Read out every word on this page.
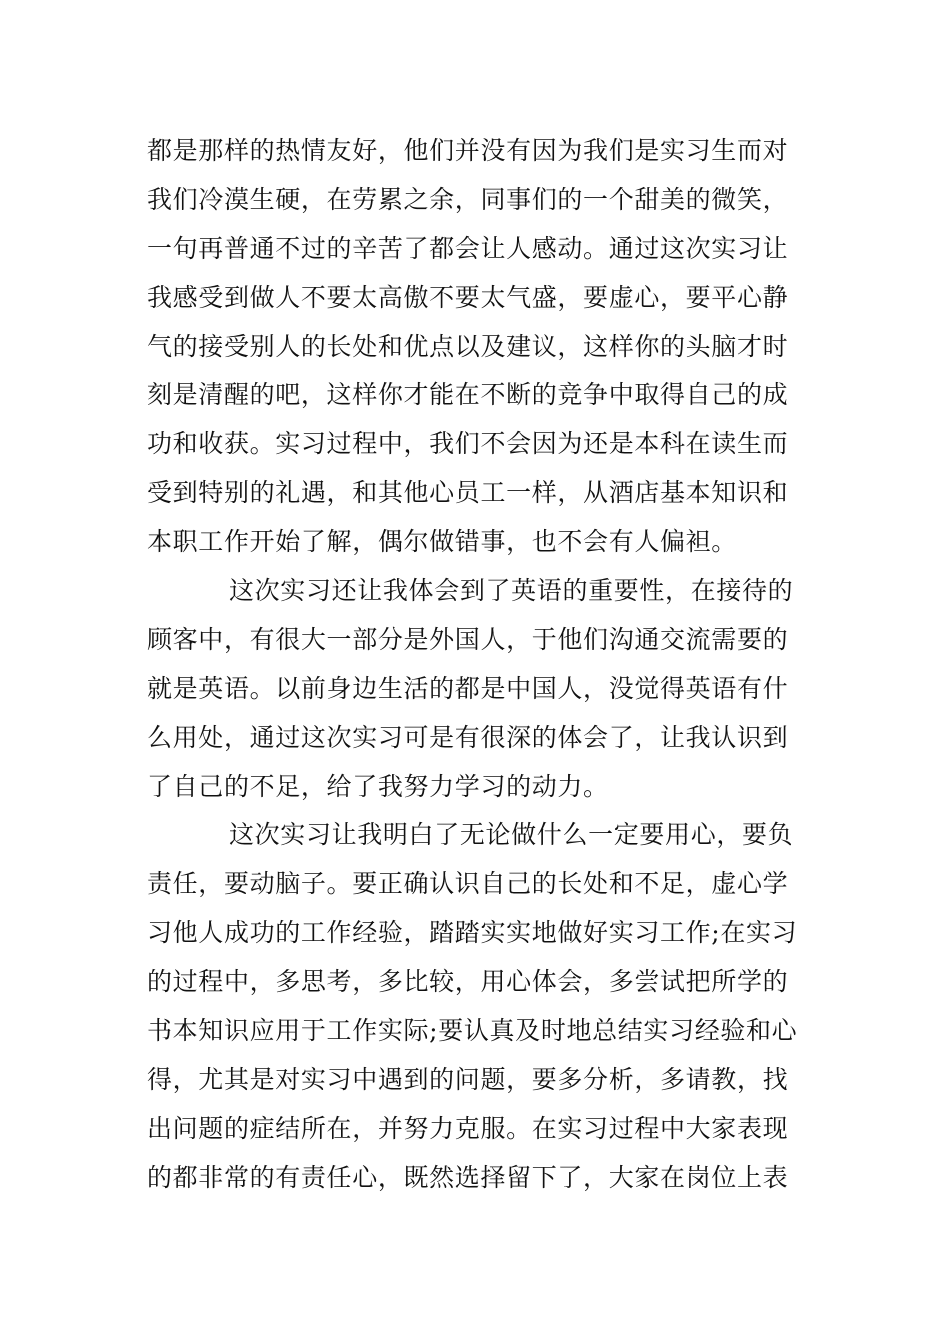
都是那样的热情友好，他们并没有因为我们是实习生而对
我们冷漠生硬，在劳累之余，同事们的一个甜美的微笑，
一句再普通不过的辛苦了都会让人感动。通过这次实习让
我感受到做人不要太高傲不要太气盛，要虚心，要平心静
气的接受别人的长处和优点以及建议，这样你的头脑才时
刻是清醒的吧，这样你才能在不断的竞争中取得自己的成
功和收获。实习过程中，我们不会因为还是本科在读生而
受到特别的礼遇，和其他心员工一样，从酒店基本知识和
本职工作开始了解，偶尔做错事，也不会有人偏袒。
这次实习还让我体会到了英语的重要性，在接待的
顾客中，有很大一部分是外国人，于他们沟通交流需要的
就是英语。以前身边生活的都是中国人，没觉得英语有什
么用处，通过这次实习可是有很深的体会了，让我认识到
了自己的不足，给了我努力学习的动力。
这次实习让我明白了无论做什么一定要用心，要负
责任，要动脑子。要正确认识自己的长处和不足，虚心学
习他人成功的工作经验，踏踏实实地做好实习工作;在实习
的过程中，多思考，多比较，用心体会，多尝试把所学的
书本知识应用于工作实际;要认真及时地总结实习经验和心
得，尤其是对实习中遇到的问题，要多分析，多请教，找
出问题的症结所在，并努力克服。在实习过程中大家表现
的都非常的有责任心，既然选择留下了，大家在岗位上表
